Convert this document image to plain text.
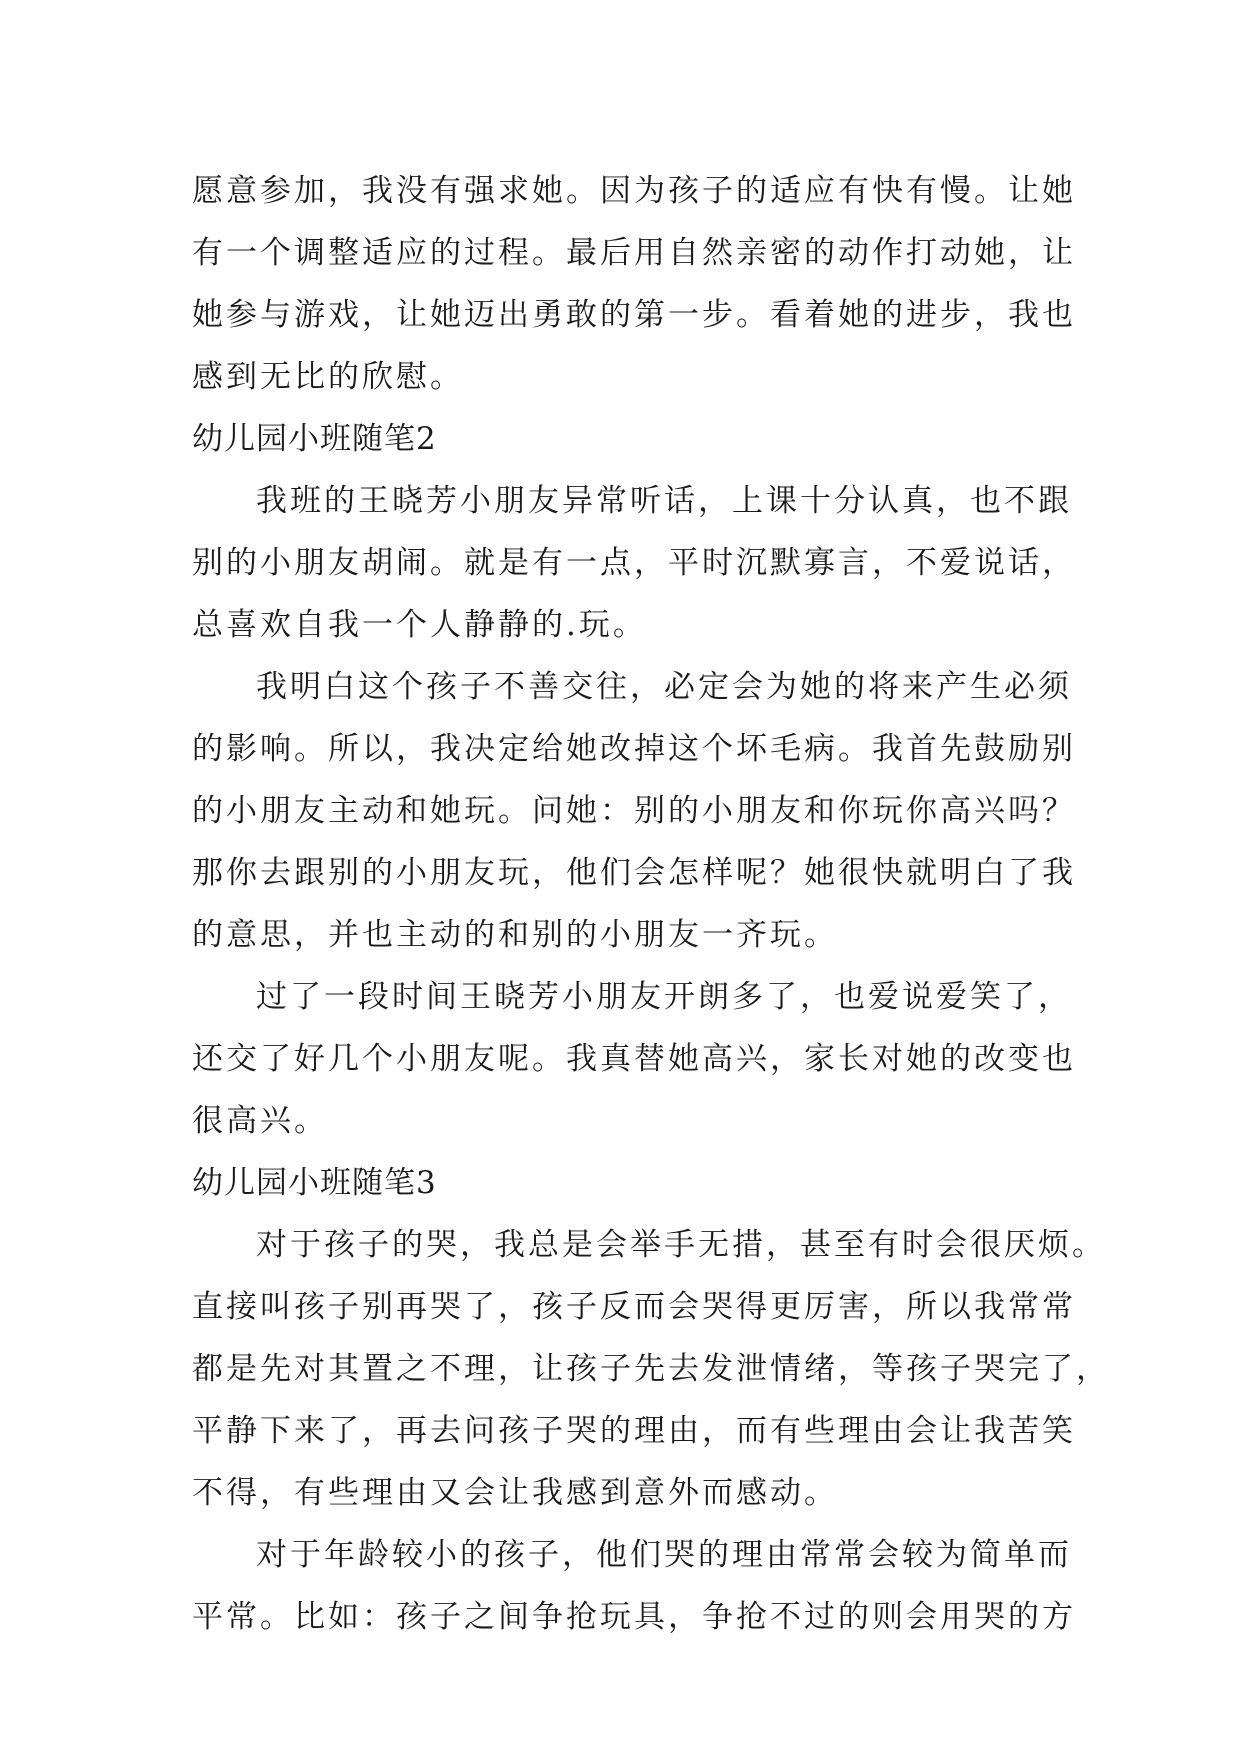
愿意参加，我没有强求她。因为孩子的适应有快有慢。让她
有一个调整适应的过程。最后用自然亲密的动作打动她，让
她参与游戏，让她迈出勇敢的第一步。看着她的进步，我也
感到无比的欣慰。
幼儿园小班随笔2
我班的王晓芳小朋友异常听话，上课十分认真，也不跟
别的小朋友胡闹。就是有一点，平时沉默寡言，不爱说话，
总喜欢自我一个人静静的.玩。
我明白这个孩子不善交往，必定会为她的将来产生必须
的影响。所以，我决定给她改掉这个坏毛病。我首先鼓励别
的小朋友主动和她玩。问她：别的小朋友和你玩你高兴吗？
那你去跟别的小朋友玩，他们会怎样呢？她很快就明白了我
的意思，并也主动的和别的小朋友一齐玩。
过了一段时间王晓芳小朋友开朗多了，也爱说爱笑了，
还交了好几个小朋友呢。我真替她高兴，家长对她的改变也
很高兴。
幼儿园小班随笔3
对于孩子的哭，我总是会举手无措，甚至有时会很厌烦。
直接叫孩子别再哭了，孩子反而会哭得更厉害，所以我常常
都是先对其置之不理，让孩子先去发泄情绪，等孩子哭完了，
平静下来了，再去问孩子哭的理由，而有些理由会让我苦笑
不得，有些理由又会让我感到意外而感动。
对于年龄较小的孩子，他们哭的理由常常会较为简单而
平常。比如：孩子之间争抢玩具，争抢不过的则会用哭的方
